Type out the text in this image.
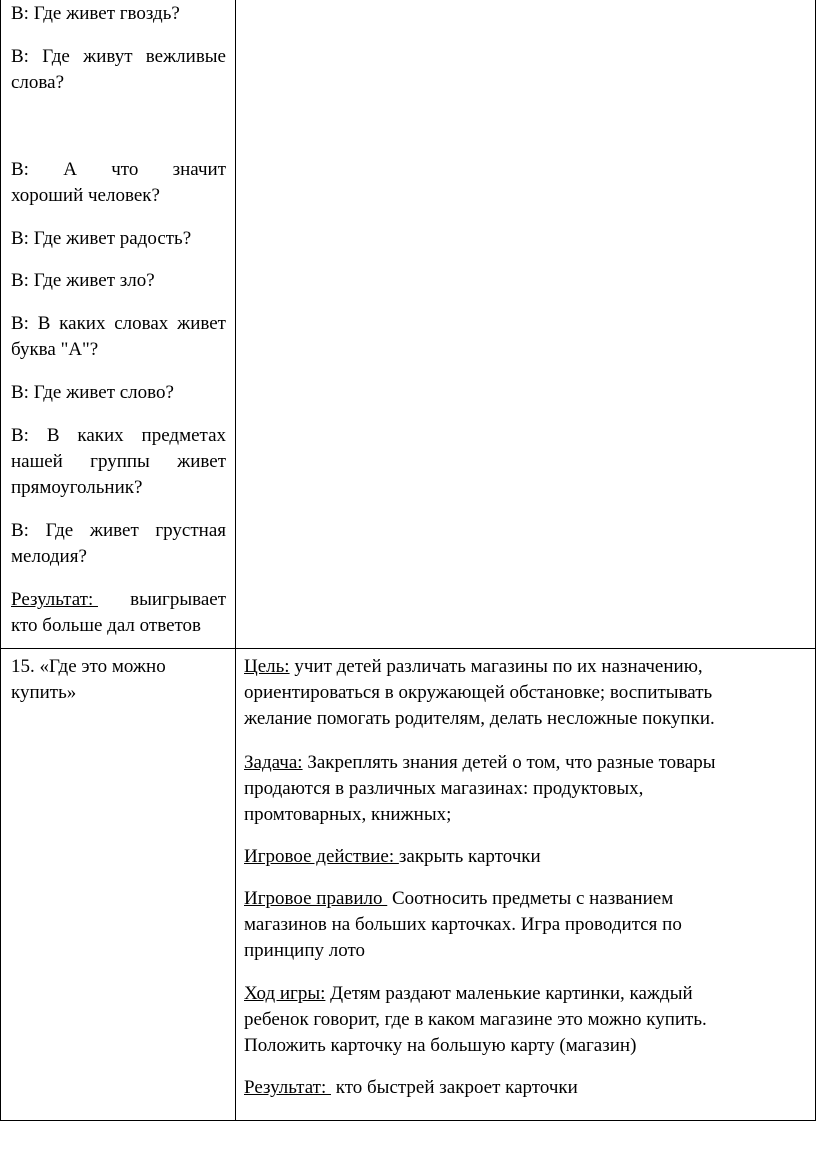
В: Где живет гвоздь?

В: Где живут вежливые

слова?

В: А что значит

хороший человек?

В: Где живет радость?

В: Где живет зло?

В: В каких словах живет

буква "А"?

В: Где живет слово?

В: В каких предметах

нашей группы живет

прямоугольник?

В: Где живет грустная

мелодия?

Результат: выигрывает

кто больше дал ответов

15. «Где это можно

купить»

Цель: учит детей различать магазины по их назначению,

ориентироваться в окружающей обстановке; воспитывать

желание помогать родителям, делать несложные покупки.

Задача: Закреплять знания детей о том, что разные товары

продаются в различных магазинах: продуктовых,

промтоварных, книжных;

Игровое действие: закрыть карточки

Игровое правило  Соотносить предметы с названием

магазинов на больших карточках. Игра проводится по

принципу лото

Ход игры: Детям раздают маленькие картинки, каждый

ребенок говорит, где в каком магазине это можно купить.

Положить карточку на большую карту (магазин)

Результат:  кто быстрей закроет карточки
